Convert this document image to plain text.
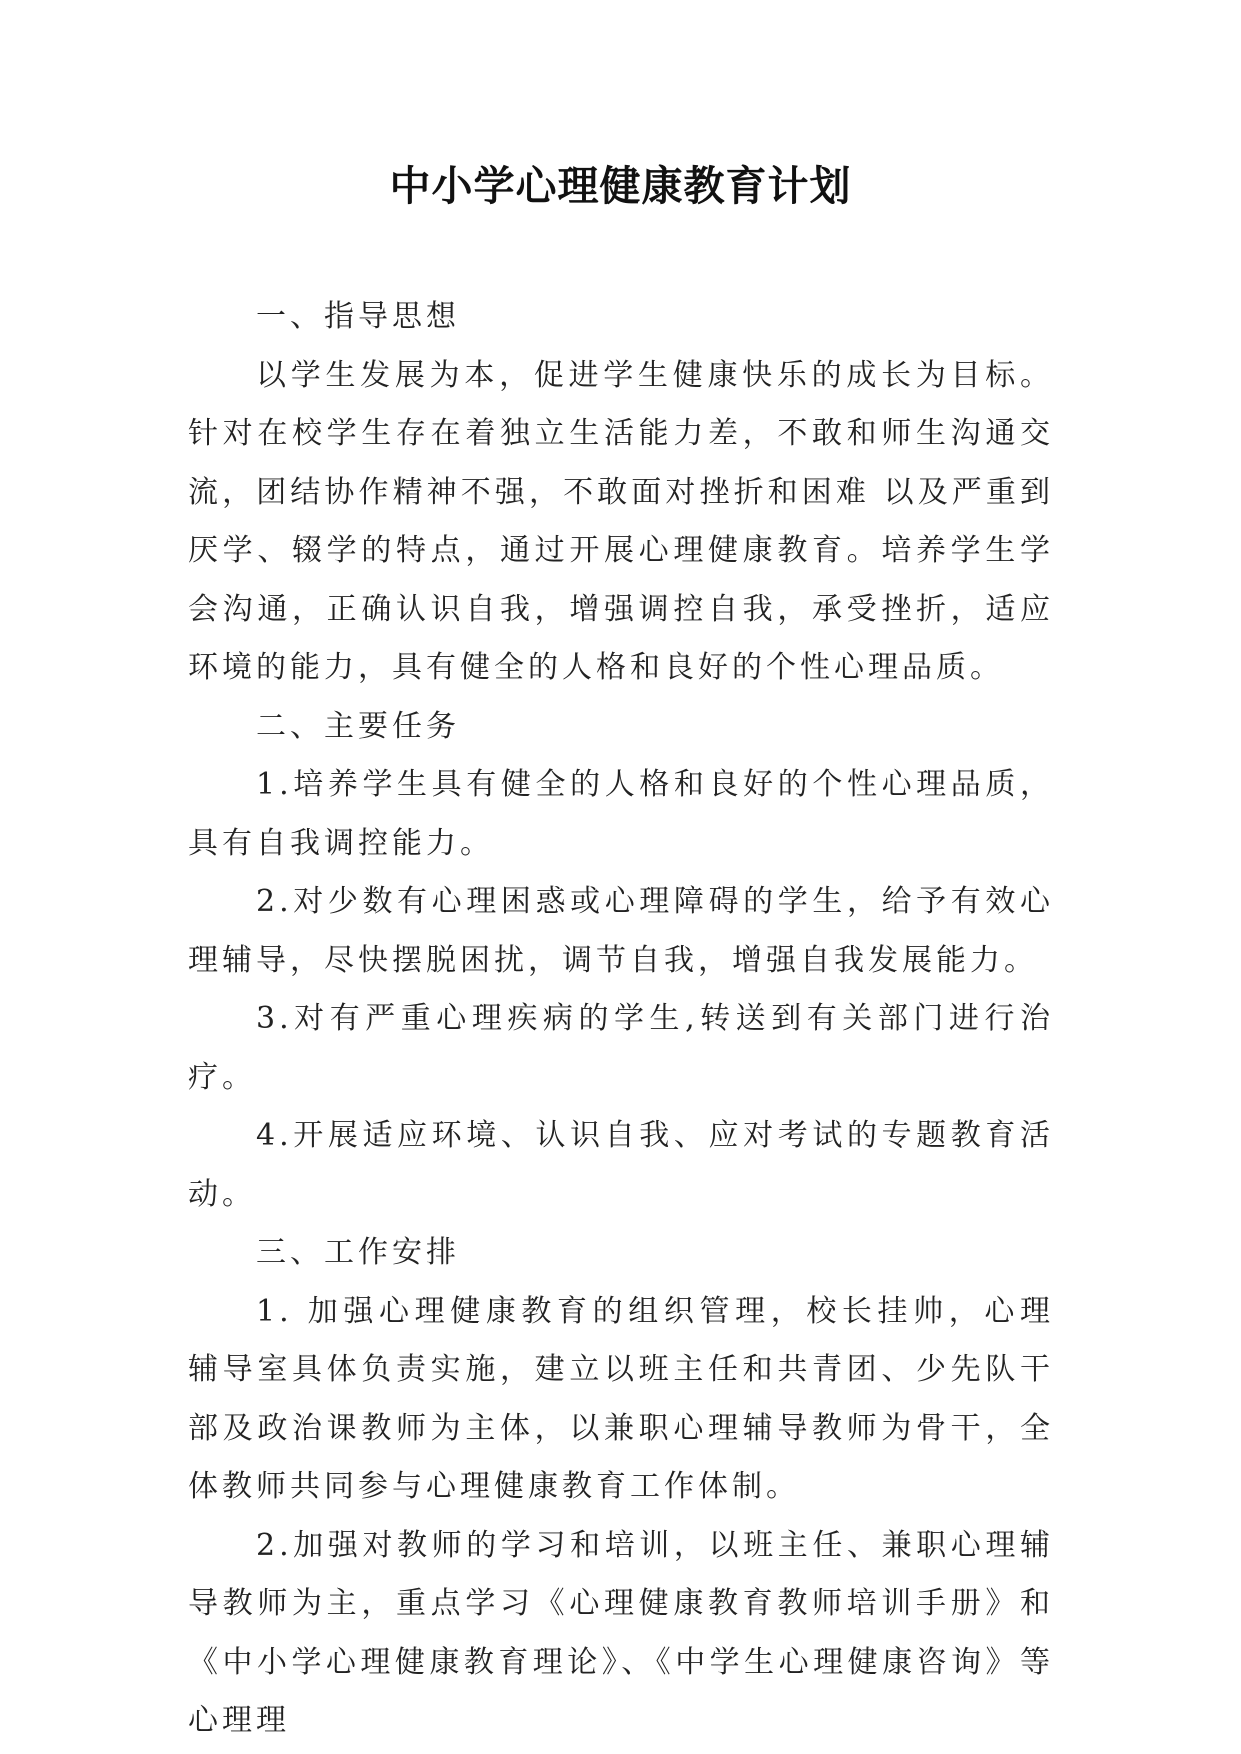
中小学心理健康教育计划

一、指导思想

以学生发展为本，促进学生健康快乐的成长为目标。针对在校学生存在着独立生活能力差，不敢和师生沟通交流，团结协作精神不强，不敢面对挫折和困难 以及严重到厌学、辍学的特点，通过开展心理健康教育。培养学生学会沟通，正确认识自我，增强调控自我，承受挫折，适应环境的能力，具有健全的人格和良好的个性心理品质。

二、主要任务

1.培养学生具有健全的人格和良好的个性心理品质，具有自我调控能力。

2.对少数有心理困惑或心理障碍的学生，给予有效心理辅导，尽快摆脱困扰，调节自我，增强自我发展能力。

3.对有严重心理疾病的学生,转送到有关部门进行治疗。

4.开展适应环境、认识自我、应对考试的专题教育活动。

三、工作安排

1. 加强心理健康教育的组织管理，校长挂帅，心理辅导室具体负责实施，建立以班主任和共青团、少先队干部及政治课教师为主体，以兼职心理辅导教师为骨干，全体教师共同参与心理健康教育工作体制。

2.加强对教师的学习和培训，以班主任、兼职心理辅导教师为主，重点学习《心理健康教育教师培训手册》和《中小学心理健康教育理论》、《中学生心理健康咨询》等心理理
